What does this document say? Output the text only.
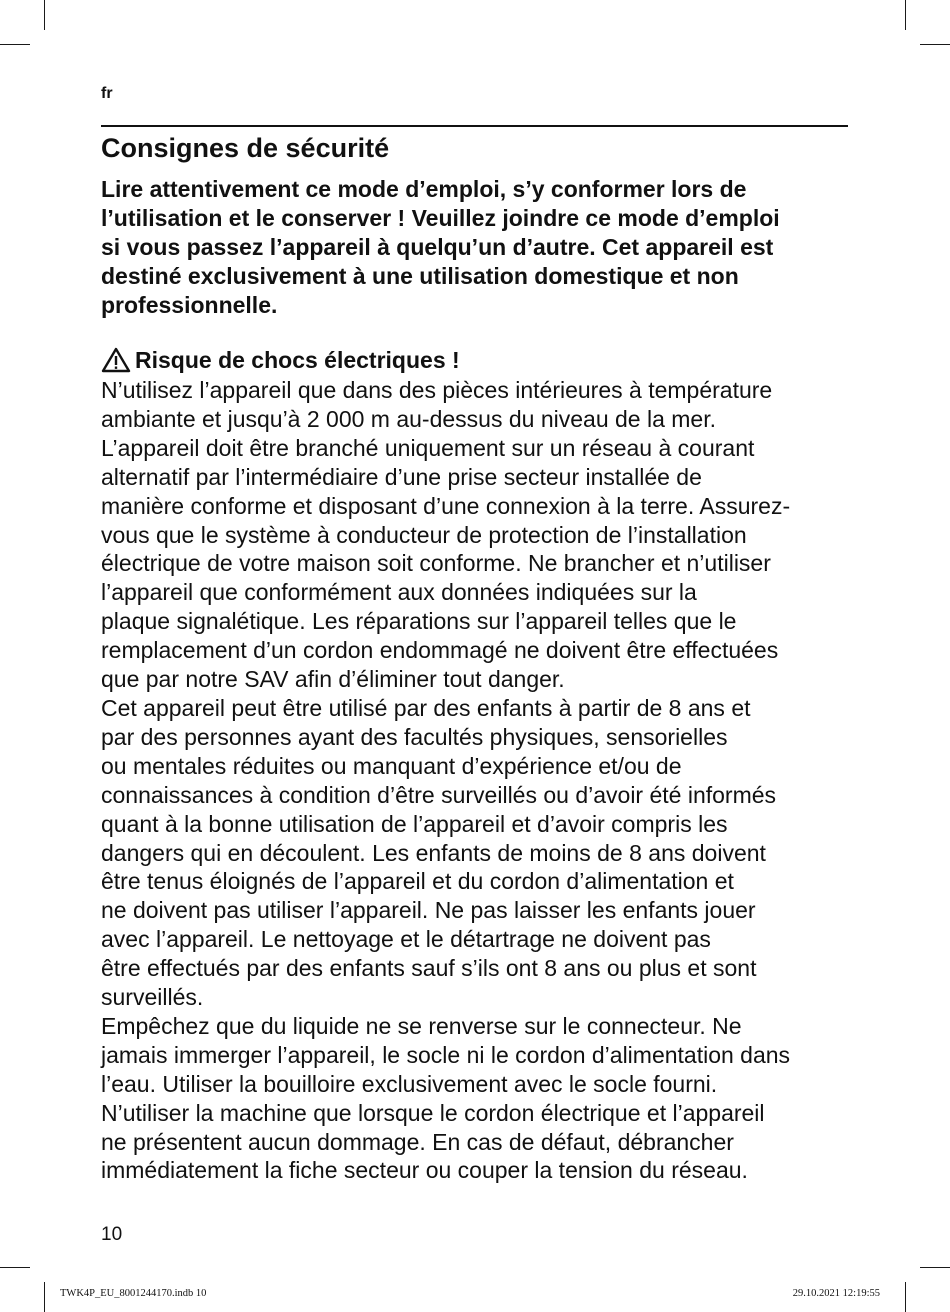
fr
Consignes de sécurité
Lire attentivement ce mode d’emploi, s’y conformer lors de
l’utilisation et le conserver ! Veuillez joindre ce mode d’emploi
si vous passez l’appareil à quelqu’un d’autre. Cet appareil est
destiné exclusivement à une utilisation domestique et non
professionnelle.
Risque de chocs électriques !
N’utilisez l’appareil que dans des pièces intérieures à température
ambiante et jusqu’à 2 000 m au-dessus du niveau de la mer.
L’appareil doit être branché uniquement sur un réseau à courant
alternatif par l’intermédiaire d’une prise secteur installée de
manière conforme et disposant d’une connexion à la terre. Assurez-
vous que le système à conducteur de protection de l’installation
électrique de votre maison soit conforme. Ne brancher et n’utiliser
l’appareil que conformément aux données indiquées sur la
plaque signalétique. Les réparations sur l’appareil telles que le
remplacement d’un cordon endommagé ne doivent être effectuées
que par notre SAV afin d’éliminer tout danger.
Cet appareil peut être utilisé par des enfants à partir de 8 ans et
par des personnes ayant des facultés physiques, sensorielles
ou mentales réduites ou manquant d’expérience et/ou de
connaissances à condition d’être surveillés ou d’avoir été informés
quant à la bonne utilisation de l’appareil et d’avoir compris les
dangers qui en découlent. Les enfants de moins de 8 ans doivent
être tenus éloignés de l’appareil et du cordon d’alimentation et
ne doivent pas utiliser l’appareil. Ne pas laisser les enfants jouer
avec l’appareil. Le nettoyage et le détartrage ne doivent pas
être effectués par des enfants sauf s’ils ont 8 ans ou plus et sont
surveillés.
Empêchez que du liquide ne se renverse sur le connecteur. Ne
jamais immerger l’appareil, le socle ni le cordon d’alimentation dans
l’eau. Utiliser la bouilloire exclusivement avec le socle fourni.
N’utiliser la machine que lorsque le cordon électrique et l’appareil
ne présentent aucun dommage. En cas de défaut, débrancher
immédiatement la fiche secteur ou couper la tension du réseau.
10
TWK4P_EU_8001244170.indb 10	29.10.2021 12:19:55
